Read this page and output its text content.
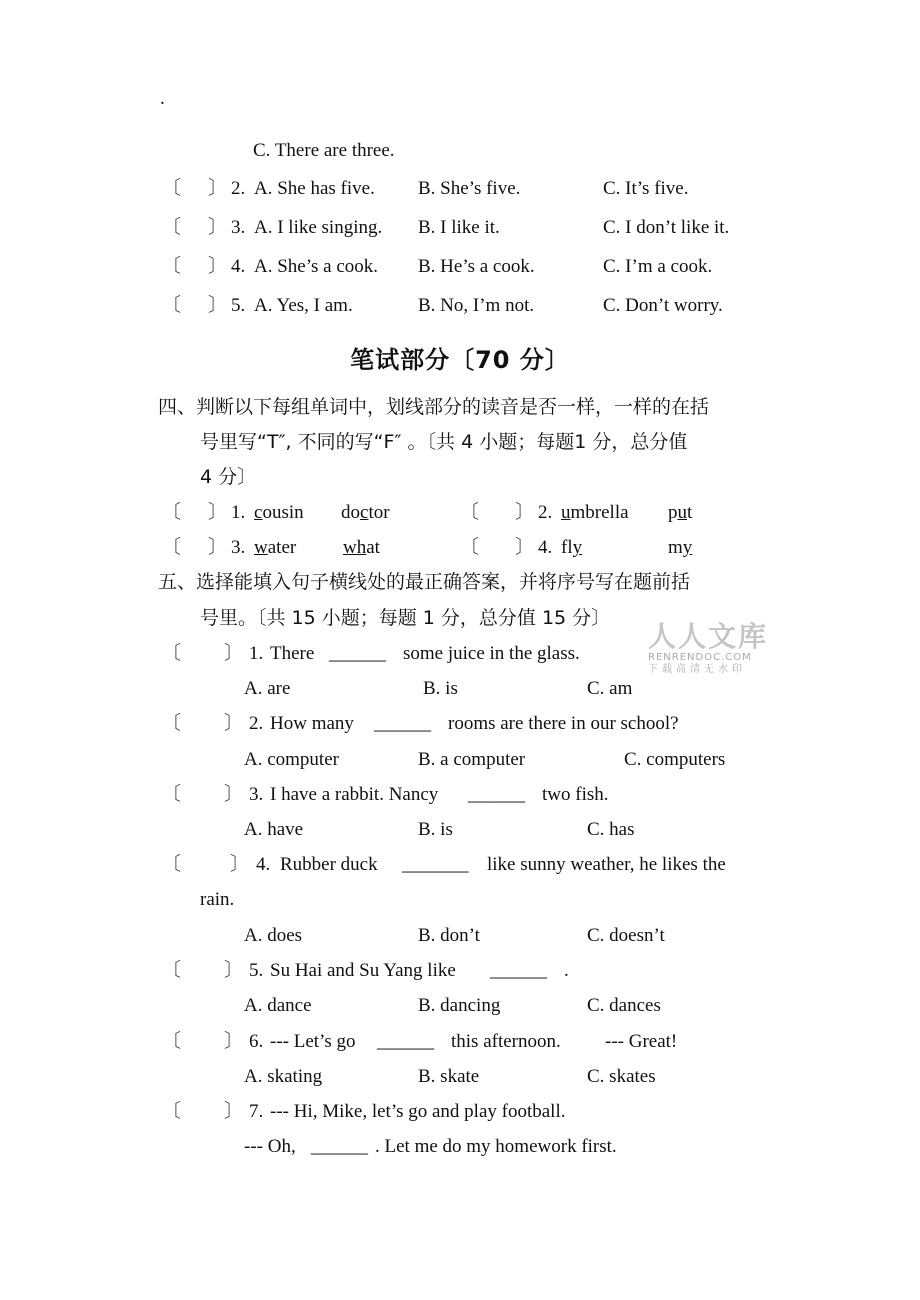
.
C. There are three.
〔 〕 2. A. She has five. B. She’s five.	C. It’s five.
〔 〕 3. A. I like singing. B. I like it.	C. I don’t like it.
〔 〕 4. A. She’s a cook. B. He’s a cook.	C. I’m a cook.
〔 〕 5. A. Yes, I am.	B. No, I’m not.	C. Don’t worry.
笔试部分〔70 分〕
四、判断以下每组单词中，划线部分的读音是否一样，一样的在括
号里写“T″, 不同的写“F″ 。〔共 4 小题；每题1 分，总分值
4 分〕
〔 〕 1. cousin doctor	〔 〕 2. umbrella put
〔 〕 3. water what	〔 〕 4. fly	my
五、选择能填入句子横线处的最正确答案，并将序号写在题前括
号里。〔共 15 小题；每题 1 分，总分值 15 分〕
人人文库
RENRENDOC.COM
下载高清无水印
〔 〕 1. There ______ some juice in the glass.
A. are	B. is	C. am
〔 〕 2. How many ______ rooms are there in our school?
A. computer	B. a computer	C. computers
〔 〕 3. I have a rabbit. Nancy ______ two fish.
A. have	B. is	C. has
〔	〕 4. Rubber duck _______ like sunny weather, he likes the
rain.
A. does	B. don’t	C. doesn’t
〔 〕 5. Su Hai and Su Yang like ______ .
A. dance	B. dancing	C. dances
〔 〕 6. --- Let’s go ______ this afternoon. --- Great!
A. skating	B. skate	C. skates
〔 〕 7. --- Hi, Mike, let’s go and play football.
--- Oh, ______ . Let me do my homework first.
